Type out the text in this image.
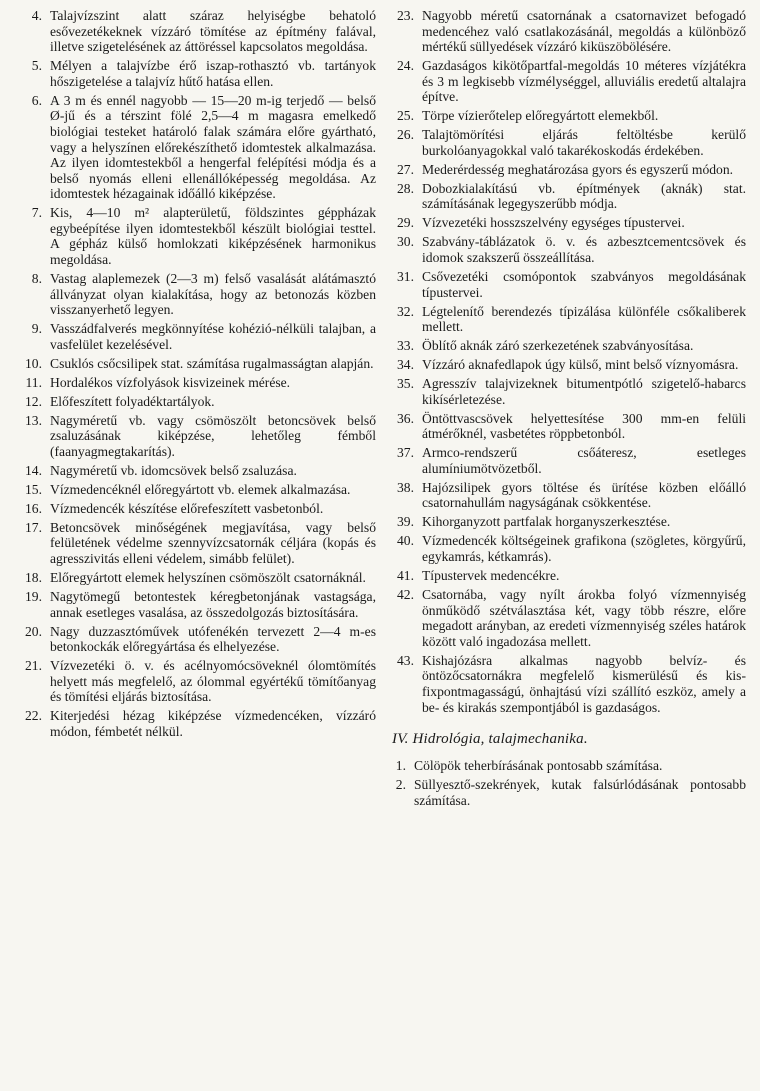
4. Talajvízszint alatt száraz helyiségbe behatoló esővezetékeknek vízzáró tömítése az építmény falával, illetve szigetelésének az áttöréssel kapcsolatos megoldása.
5. Mélyen a talajvízbe érő iszap-rothasztó vb. tartányok hőszigetelése a talajvíz hűtő hatása ellen.
6. A 3 m és ennél nagyobb — 15—20 m-ig terjedő — belső Ø-jű és a térszint fölé 2,5—4 m magasra emelkedő biológiai testeket határoló falak számára előre gyártható, vagy a helyszínen előrekészíthető idomtestek alkalmazása. Az ilyen idomtestekből a hengerfal felépítési módja és a belső nyomás elleni ellenállóképesség megoldása. Az idomtestek hézagainak időálló kiképzése.
7. Kis, 4—10 m² alapterületű, földszintes géppházak egybeépítése ilyen idomtestekből készült biológiai testtel. A gépház külső homlokzati kiképzésének harmonikus megoldása.
8. Vastag alaplemezek (2—3 m) felső vasalását alátámasztó állványzat olyan kialakítása, hogy az betonozás közben visszanyerhető legyen.
9. Vasszádfalverés megkönnyítése kohézió-nélküli talajban, a vasfelület kezelésével.
10. Csuklós csőcsilipek stat. számítása rugalmasságtan alapján.
11. Hordalékos vízfolyások kisvizeinek mérése.
12. Előfeszített folyadéktartályok.
13. Nagyméretű vb. vagy csömöszölt betoncsövek belső zsaluzásának kiképzése, lehetőleg fémből (faanyagmegtakarítás).
14. Nagyméretű vb. idomcsövek belső zsaluzása.
15. Vízmedencéknél előregyártott vb. elemek alkalmazása.
16. Vízmedencék készítése előrefeszített vasbetonból.
17. Betoncsövek minőségének megjavítása, vagy belső felületének védelme szennyvízcsatornák céljára (kopás és agresszivitás elleni védelem, simább felület).
18. Előregyártott elemek helyszínen csömöszölt csatornáknál.
19. Nagytömegű betontestek kéregbetonjának vastagsága, annak esetleges vasalása, az összedolgozás biztosítására.
20. Nagy duzzasztóművek utófenékén tervezett 2—4 m-es betonkockák előregyártása és elhelyezése.
21. Vízvezetéki ö. v. és acélnyomócsöveknél ólomtömítés helyett más megfelelő, az ólommal egyértékű tömítőanyag és tömítési eljárás biztosítása.
22. Kiterjedési hézag kiképzése vízmedencéken, vízzáró módon, fémbetét nélkül.
23. Nagyobb méretű csatornának a csatornavizet befogadó medencéhez való csatlakozásánál, megoldás a különböző mértékű süllyedések vízzáró kiküszöbölésére.
24. Gazdaságos kikötőpartfal-megoldás 10 méteres vízjátékra és 3 m legkisebb vízmélységgel, alluviális eredetű altalajra építve.
25. Törpe vízierőtelep előregyártott elemekből.
26. Talajtömörítési eljárás feltöltésbe kerülő burkolóanyagokkal való takarékoskodás érdekében.
27. Mederérdesség meghatározása gyors és egyszerű módon.
28. Dobozkialakítású vb. építmények (aknák) stat. számításának legegyszerűbb módja.
29. Vízvezetéki hosszszelvény egységes típustervei.
30. Szabvány-táblázatok ö. v. és azbesztcementcsövek és idomok szakszerű összeállítása.
31. Csővezetéki csomópontok szabványos megoldásának típustervei.
32. Légtelenítő berendezés típizálása különféle csőkaliberek mellett.
33. Öblítő aknák záró szerkezetének szabványosítása.
34. Vízzáró aknafedlapok úgy külső, mint belső víznyomásra.
35. Agresszív talajvizeknek bitumentpótló szigetelő-habarcs kikísérletezése.
36. Öntöttvascsövek helyettesítése 300 mm-en felüli átmérőknél, vasbetétes röppbetonból.
37. Armco-rendszerű csőáteresz, esetleges alumíniumötvözetből.
38. Hajózsilipek gyors töltése és ürítése közben előálló csatornahullám nagyságának csökkentése.
39. Kihorganyzott partfalak horganyszerkesztése.
40. Vízmedencék költségeinek grafikona (szögletes, körgyűrű, egykamrás, kétkamrás).
41. Típustervek medencékre.
42. Csatornába, vagy nyílt árokba folyó vízmennyiség önműködő szétválasztása két, vagy több részre, előre megadott arányban, az eredeti vízmennyiség széles határok között való ingadozása mellett.
43. Kishajózásra alkalmas nagyobb belvíz- és öntözőcsatornákra megfelelő kismerülésű és kis-fixpontmagasságú, önhajtású vízi szállító eszköz, amely a be- és kirakás szempontjából is gazdaságos.
IV. Hidrológia, talajmechanika.
1. Cölöpök teherbírásának pontosabb számítása.
2. Süllyesztő-szekrények, kutak falsúrlódásának pontosabb számítása.
